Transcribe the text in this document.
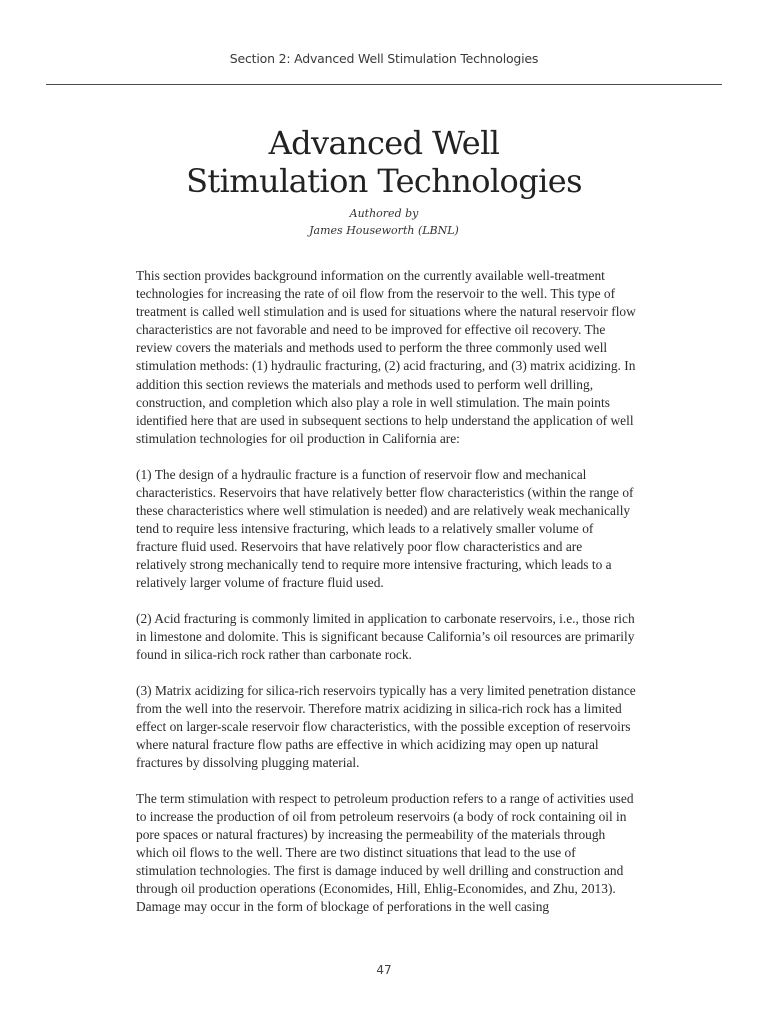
Section 2: Advanced Well Stimulation Technologies
Advanced Well
Stimulation Technologies
Authored by
James Houseworth (LBNL)

This section provides background information on the currently available well-treatment technologies for increasing the rate of oil flow from the reservoir to the well. This type of treatment is called well stimulation and is used for situations where the natural reservoir flow characteristics are not favorable and need to be improved for effective oil recovery. The review covers the materials and methods used to perform the three commonly used well stimulation methods: (1) hydraulic fracturing, (2) acid fracturing, and (3) matrix acidizing. In addition this section reviews the materials and methods used to perform well drilling, construction, and completion which also play a role in well stimulation. The main points identified here that are used in subsequent sections to help understand the application of well stimulation technologies for oil production in California are:

(1) The design of a hydraulic fracture is a function of reservoir flow and mechanical characteristics. Reservoirs that have relatively better flow characteristics (within the range of these characteristics where well stimulation is needed) and are relatively weak mechanically tend to require less intensive fracturing, which leads to a relatively smaller volume of fracture fluid used. Reservoirs that have relatively poor flow characteristics and are relatively strong mechanically tend to require more intensive fracturing, which leads to a relatively larger volume of fracture fluid used.

(2) Acid fracturing is commonly limited in application to carbonate reservoirs, i.e., those rich in limestone and dolomite. This is significant because California’s oil resources are primarily found in silica-rich rock rather than carbonate rock.

(3) Matrix acidizing for silica-rich reservoirs typically has a very limited penetration distance from the well into the reservoir. Therefore matrix acidizing in silica-rich rock has a limited effect on larger-scale reservoir flow characteristics, with the possible exception of reservoirs where natural fracture flow paths are effective in which acidizing may open up natural fractures by dissolving plugging material.

The term stimulation with respect to petroleum production refers to a range of activities used to increase the production of oil from petroleum reservoirs (a body of rock containing oil in pore spaces or natural fractures) by increasing the permeability of the materials through which oil flows to the well. There are two distinct situations that lead to the use of stimulation technologies. The first is damage induced by well drilling and construction and through oil production operations (Economides, Hill, Ehlig-Economides, and Zhu, 2013). Damage may occur in the form of blockage of perforations in the well casing

47
